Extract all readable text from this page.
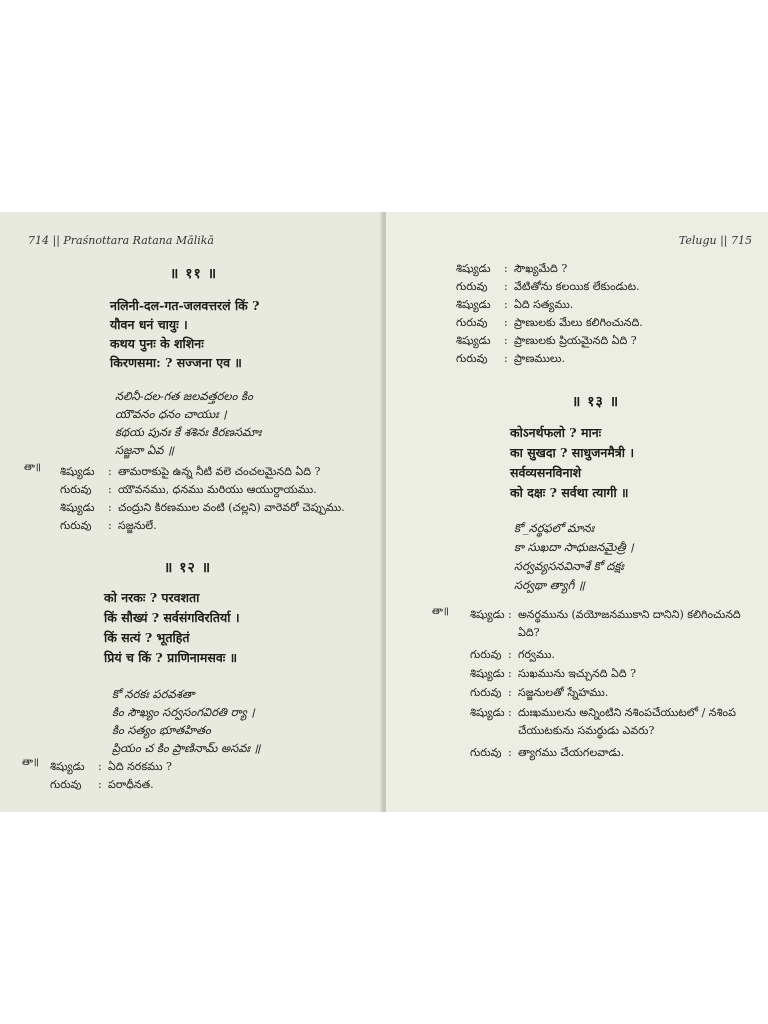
714 || Praśnottara Ratana Mālikā
॥ ११ ॥
नलिनी-दल-गत-जलवत्तरलं किं ?
यौवन धनं चायुः ।
कथय पुनः के शशिनः
किरणसमा: ? सज्जना एव ॥
నలినీ-దల-గత జలవత్తరలం కిం
యౌవనం ధనం చాయుః ।
కథయ పునః కే శశినః కిరణసమాః
సజ్జనా ఏవ ॥
తా॥ శిష్యుడు : తామరాకుపై ఉన్న నీటి వలె చంచలమైనది ఏది ?
గురువు : యౌవనము, ధనము మరియు ఆయుర్దాయము.
శిష్యుడు : చంద్రుని కిరణముల వంటి (చల్లని) వారెవరో చెప్పుము.
గురువు : సజ్జనులే.
॥ १२ ॥
को नरकः ? परवशता
किं सौख्यं ? सर्वसंगविरतिर्या ।
किं सत्यं ? भूतहितं
प्रियं च किं ? प्राणिनामसवः ॥
కో నరకః పరవశతా
కిం సౌఖ్యం సర్వసంగవిరతి ర్యా ।
కిం సత్యం భూతహితం
ప్రియం చ కిం ప్రాణినామ్ అసవః ॥
తా॥ శిష్యుడు : ఏది నరకము ?
గురువు : పరాధీనత.
Telugu || 715
శిష్యుడు : సౌఖ్యమేది ?
గురువు : వేటితోను కలయిక లేకుండుట.
శిష్యుడు : ఏది సత్యము.
గురువు : ప్రాణులకు మేలు కలిగించునది.
శిష్యుడు : ప్రాణులకు ప్రియమైనది ఏది ?
గురువు : ప్రాణములు.
॥ १३ ॥
कोऽनर्थफलो ? मानः
का सुखदा ? साधुजनमैत्री ।
सर्वव्यसनविनाशे
को दक्षः ? सर्वथा त्यागी ॥
కో_నర్థఫలో మానః
కా సుఖదా సాధుజనమైత్రీ ।
సర్వవ్యసనవినాశే కో దక్షః
సర్వథా త్యాగీ ॥
తా॥ శిష్యుడు : అనర్థమును (వయోజనముకాని దానిని) కలిగించునది
ఏది?
గురువు : గర్వము.
శిష్యుడు : సుఖమును ఇచ్చునది ఏది ?
గురువు : సజ్జనులతో స్నేహము.
శిష్యుడు : దుఃఖములను అన్నింటిని నశింపచేయుటలో / నశింప
చేయుటకును సమర్థుడు ఎవరు?
గురువు : త్యాగము చేయగలవాడు.
